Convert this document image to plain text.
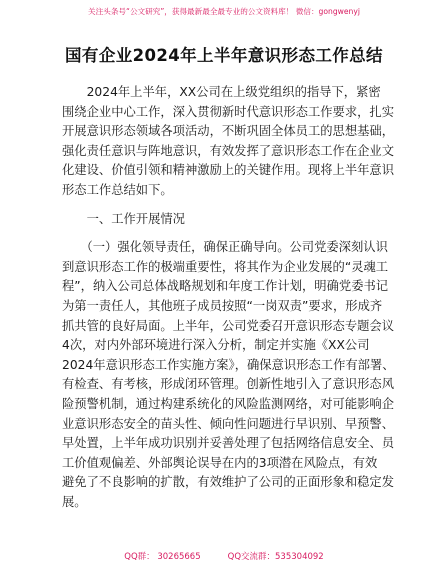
关注头条号“公文研究”，获得最新最全最专业的公文资料库！ 微信：gongwenyj
国有企业2024年上半年意识形态工作总结
　　2024年上半年，XX公司在上级党组织的指导下，紧密
围绕企业中心工作，深入贯彻新时代意识形态工作要求，扎实
开展意识形态领域各项活动，不断巩固全体员工的思想基础，
强化责任意识与阵地意识，有效发挥了意识形态工作在企业文
化建设、价值引领和精神激励上的关键作用。现将上半年意识
形态工作总结如下。
　　一、工作开展情况
　　（一）强化领导责任，确保正确导向。公司党委深刻认识
到意识形态工作的极端重要性，将其作为企业发展的“灵魂工
程”，纳入公司总体战略规划和年度工作计划，明确党委书记
为第一责任人，其他班子成员按照“一岗双责”要求，形成齐
抓共管的良好局面。上半年，公司党委召开意识形态专题会议
4次，对内外部环境进行深入分析，制定并实施《XX公司
2024年意识形态工作实施方案》，确保意识形态工作有部署、
有检查、有考核，形成闭环管理。创新性地引入了意识形态风
险预警机制，通过构建系统化的风险监测网络，对可能影响企
业意识形态安全的苗头性、倾向性问题进行早识别、早预警、
早处置，上半年成功识别并妥善处理了包括网络信息安全、员
工价值观偏差、外部舆论误导在内的3项潜在风险点，有效
避免了不良影响的扩散，有效维护了公司的正面形象和稳定发
展。
QQ群： 30265665          QQ交流群：535304092
